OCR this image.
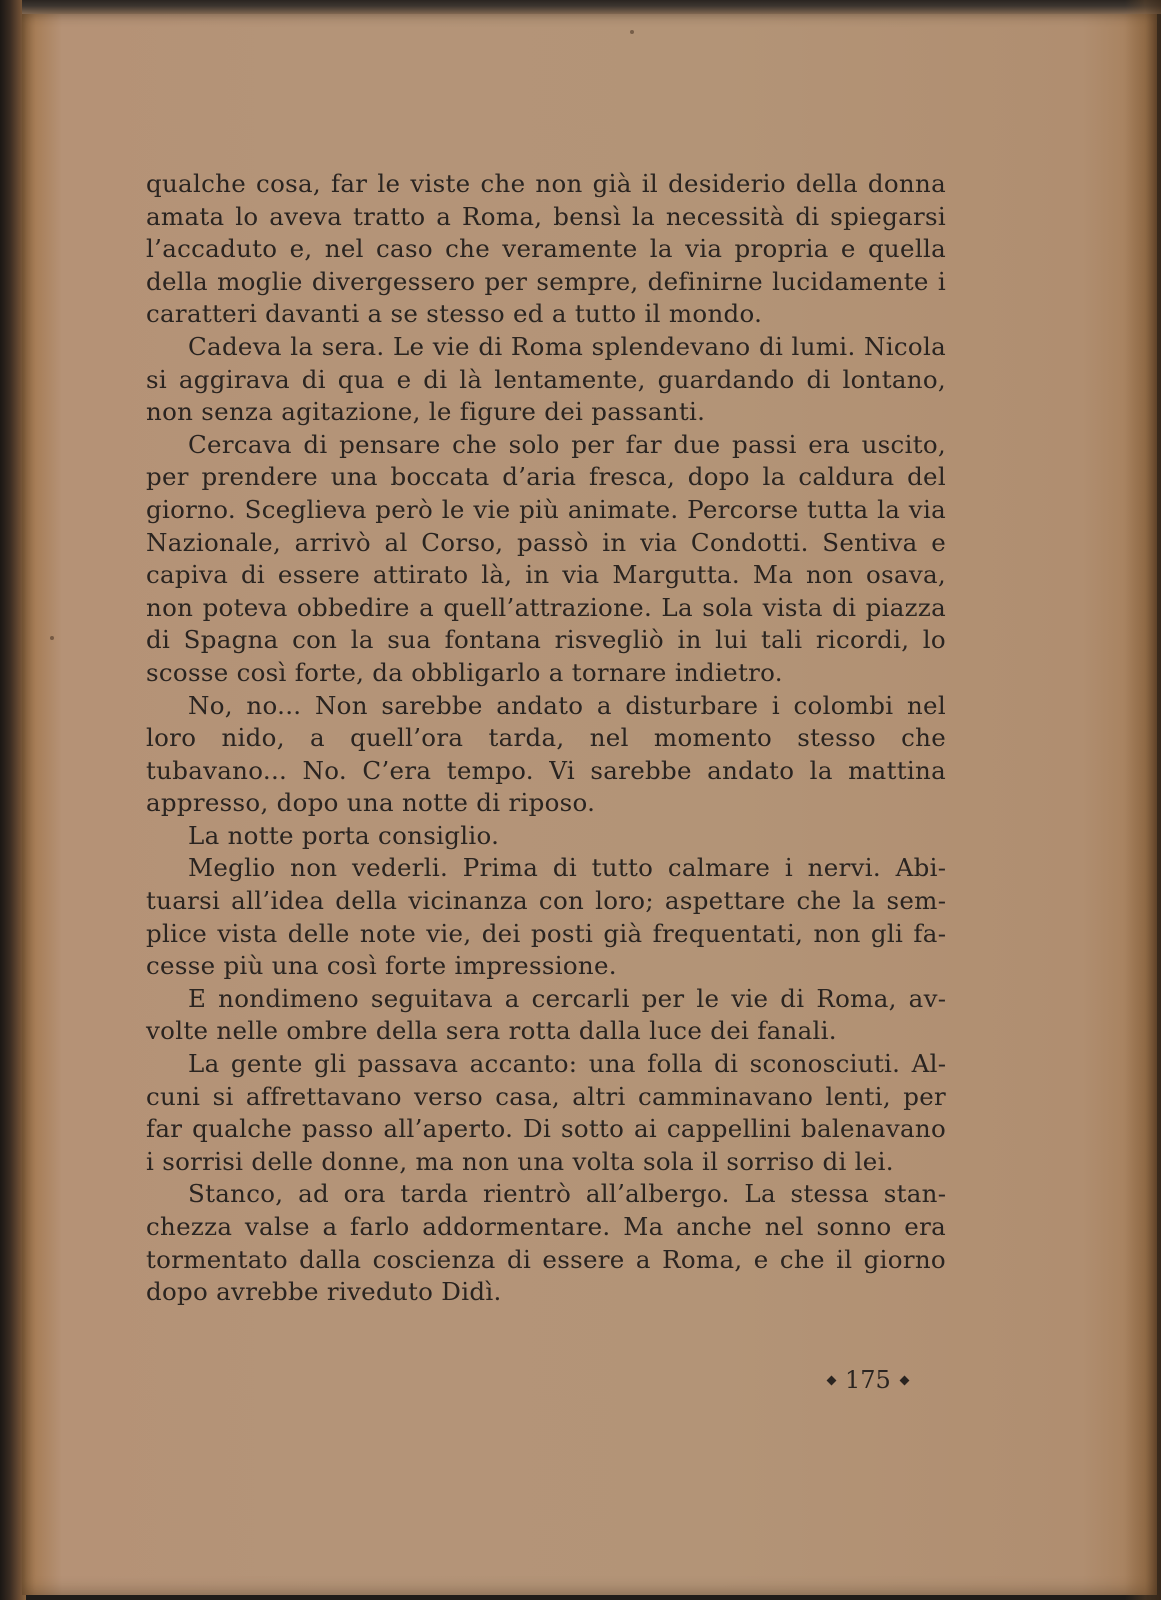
qualche cosa, far le viste che non già il desiderio della donna amata lo aveva tratto a Roma, bensì la necessità di spiegarsi l’accaduto e, nel caso che veramente la via propria e quella della moglie divergessero per sempre, definirne lucidamente i caratteri davanti a se stesso ed a tutto il mondo.

Cadeva la sera. Le vie di Roma splendevano di lumi. Nicola si aggirava di qua e di là lentamente, guardando di lontano, non senza agitazione, le figure dei passanti.

Cercava di pensare che solo per far due passi era uscito, per prendere una boccata d’aria fresca, dopo la caldura del giorno. Sceglieva però le vie più animate. Percorse tutta la via Nazionale, arrivò al Corso, passò in via Condotti. Sentiva e capiva di essere attirato là, in via Margutta. Ma non osava, non poteva obbedire a quell’attrazione. La sola vista di piazza di Spagna con la sua fontana risvegliò in lui tali ricordi, lo scosse così forte, da obbligarlo a tornare indietro.

No, no... Non sarebbe andato a disturbare i colombi nel loro nido, a quell’ora tarda, nel momento stesso che tubavano... No. C’era tempo. Vi sarebbe andato la mattina appresso, dopo una notte di riposo.

La notte porta consiglio.

Meglio non vederli. Prima di tutto calmare i nervi. Abituarsi all’idea della vicinanza con loro; aspettare che la semplice vista delle note vie, dei posti già frequentati, non gli facesse più una così forte impressione.

E nondimeno seguitava a cercarli per le vie di Roma, avvolte nelle ombre della sera rotta dalla luce dei fanali.

La gente gli passava accanto: una folla di sconosciuti. Alcuni si affrettavano verso casa, altri camminavano lenti, per far qualche passo all’aperto. Di sotto ai cappellini balenavano i sorrisi delle donne, ma non una volta sola il sorriso di lei.

Stanco, ad ora tarda rientrò all’albergo. La stessa stanchezza valse a farlo addormentare. Ma anche nel sonno era tormentato dalla coscienza di essere a Roma, e che il giorno dopo avrebbe riveduto Didì.

175
